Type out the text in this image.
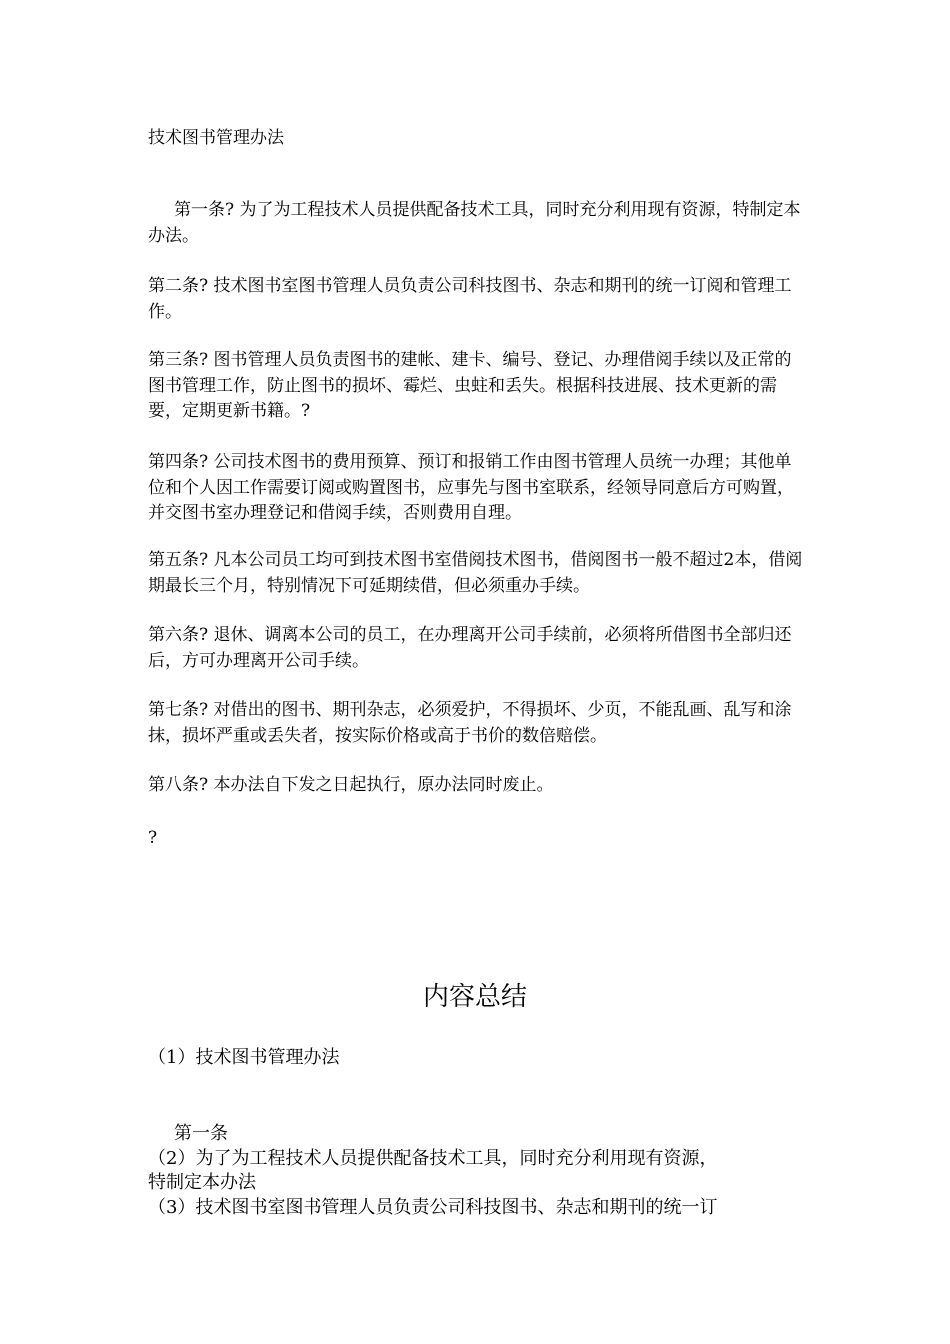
技术图书管理办法

第一条? 为了为工程技术人员提供配备技术工具，同时充分利用现有资源，特制定本办法。

第二条? 技术图书室图书管理人员负责公司科技图书、杂志和期刊的统一订阅和管理工作。

第三条? 图书管理人员负责图书的建帐、建卡、编号、登记、办理借阅手续以及正常的图书管理工作，防止图书的损坏、霉烂、虫蛀和丢失。根据科技进展、技术更新的需要，定期更新书籍。?

第四条? 公司技术图书的费用预算、预订和报销工作由图书管理人员统一办理；其他单位和个人因工作需要订阅或购置图书，应事先与图书室联系，经领导同意后方可购置，并交图书室办理登记和借阅手续，否则费用自理。

第五条? 凡本公司员工均可到技术图书室借阅技术图书，借阅图书一般不超过2本，借阅期最长三个月，特别情况下可延期续借，但必须重办手续。

第六条? 退休、调离本公司的员工，在办理离开公司手续前，必须将所借图书全部归还后，方可办理离开公司手续。

第七条? 对借出的图书、期刊杂志，必须爱护，不得损坏、少页，不能乱画、乱写和涂抹，损坏严重或丢失者，按实际价格或高于书价的数倍赔偿。

第八条? 本办法自下发之日起执行，原办法同时废止。

?

内容总结

（1）技术图书管理办法

第一条

（2）为了为工程技术人员提供配备技术工具，同时充分利用现有资源，

特制定本办法

（3）技术图书室图书管理人员负责公司科技图书、杂志和期刊的统一订
